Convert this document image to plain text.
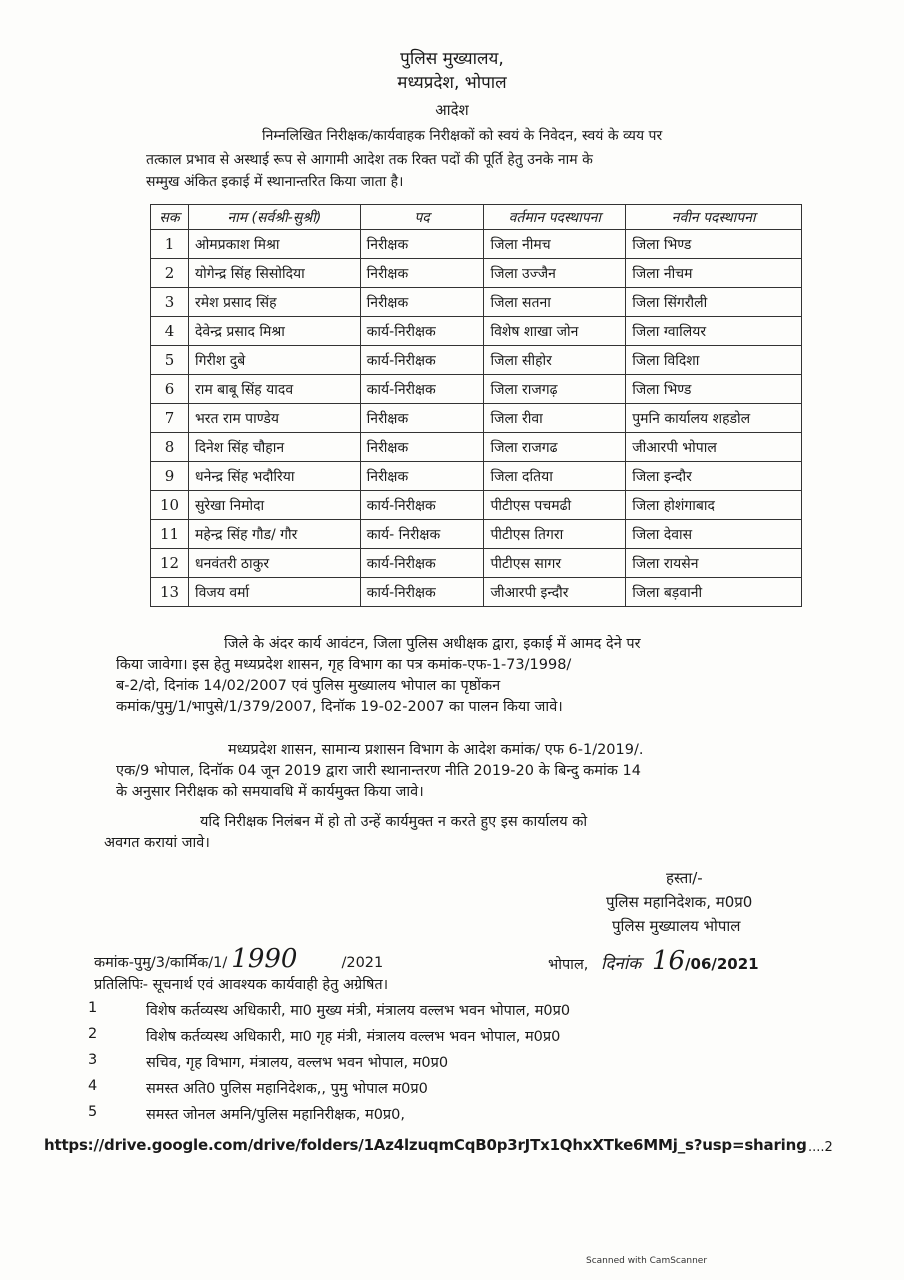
पुलिस मुख्यालय,
मध्यप्रदेश, भोपाल
आदेश
निम्नलिखित निरीक्षक/कार्यवाहक निरीक्षकों को स्वयं के निवेदन, स्वयं के व्यय पर
तत्काल प्रभाव से अस्थाई रूप से आगामी आदेश तक रिक्त पदों की पूर्ति हेतु उनके नाम के
सम्मुख अंकित इकाई में स्थानान्तरित किया जाता है।
सक	नाम (सर्वश्री-सुश्री)	पद	वर्तमान पदस्थापना	नवीन पदस्थापना
1	ओमप्रकाश मिश्रा	निरीक्षक	जिला नीमच	जिला भिण्ड
2	योगेन्द्र सिंह सिसोदिया	निरीक्षक	जिला उज्जैन	जिला नीचम
3	रमेश प्रसाद सिंह	निरीक्षक	जिला सतना	जिला सिंगरौली
4	देवेन्द्र प्रसाद मिश्रा	कार्य-निरीक्षक	विशेष शाखा जोन	जिला ग्वालियर
5	गिरीश दुबे	कार्य-निरीक्षक	जिला सीहोर	जिला विदिशा
6	राम बाबू सिंह यादव	कार्य-निरीक्षक	जिला राजगढ़	जिला भिण्ड
7	भरत राम पाण्डेय	निरीक्षक	जिला रीवा	पुमनि कार्यालय शहडोल
8	दिनेश सिंह चौहान	निरीक्षक	जिला राजगढ	जीआरपी भोपाल
9	धनेन्द्र सिंह भदौरिया	निरीक्षक	जिला दतिया	जिला इन्दौर
10	सुरेखा निमोदा	कार्य-निरीक्षक	पीटीएस पचमढी	जिला होशंगाबाद
11	महेन्द्र सिंह गौड/ गौर	कार्य- निरीक्षक	पीटीएस तिगरा	जिला देवास
12	धनवंतरी ठाकुर	कार्य-निरीक्षक	पीटीएस सागर	जिला रायसेन
13	विजय वर्मा	कार्य-निरीक्षक	जीआरपी इन्दौर	जिला बड़वानी
जिले के अंदर कार्य आवंटन, जिला पुलिस अधीक्षक द्वारा, इकाई में आमद देने पर
किया जावेगा। इस हेतु मध्यप्रदेश शासन, गृह विभाग का पत्र कमांक-एफ-1-73/1998/
ब-2/दो, दिनांक 14/02/2007 एवं पुलिस मुख्यालय भोपाल का पृष्ठोंकन
कमांक/पुमु/1/भापुसे/1/379/2007, दिनॉक 19-02-2007 का पालन किया जावे।
मध्यप्रदेश शासन, सामान्य प्रशासन विभाग के आदेश कमांक/ एफ 6-1/2019/.
एक/9 भोपाल, दिनॉक 04 जून 2019 द्वारा जारी स्थानान्तरण नीति 2019-20 के बिन्दु कमांक 14
के अनुसार निरीक्षक को समयावधि में कार्यमुक्त किया जावे।
यदि निरीक्षक निलंबन में हो तो उन्हें कार्यमुक्त न करते हुए इस कार्यालय को
अवगत करायां जावे।
हस्ता/-
पुलिस महानिदेशक, म0प्र0
पुलिस मुख्यालय भोपाल
कमांक-पुमु/3/कार्मिक/1/ 1990	/2021	भोपाल, दिनांक 16/06/2021
प्रतिलिपिः- सूचनार्थ एवं आवश्यक कार्यवाही हेतु अग्रेषित।
1	विशेष कर्तव्यस्थ अधिकारी, मा0 मुख्य मंत्री, मंत्रालय वल्लभ भवन भोपाल, म0प्र0
2	विशेष कर्तव्यस्थ अधिकारी, मा0 गृह मंत्री, मंत्रालय वल्लभ भवन भोपाल, म0प्र0
3	सचिव, गृह विभाग, मंत्रालय, वल्लभ भवन भोपाल, म0प्र0
4	समस्त अति0 पुलिस महानिदेशक,, पुमु भोपाल म0प्र0
5	समस्त जोनल अमनि/पुलिस महानिरीक्षक, म0प्र0,
https://drive.google.com/drive/folders/1Az4lzuqmCqB0p3rJTx1QhxXTke6MMj_s?usp=sharing ....2
Scanned with CamScanner
